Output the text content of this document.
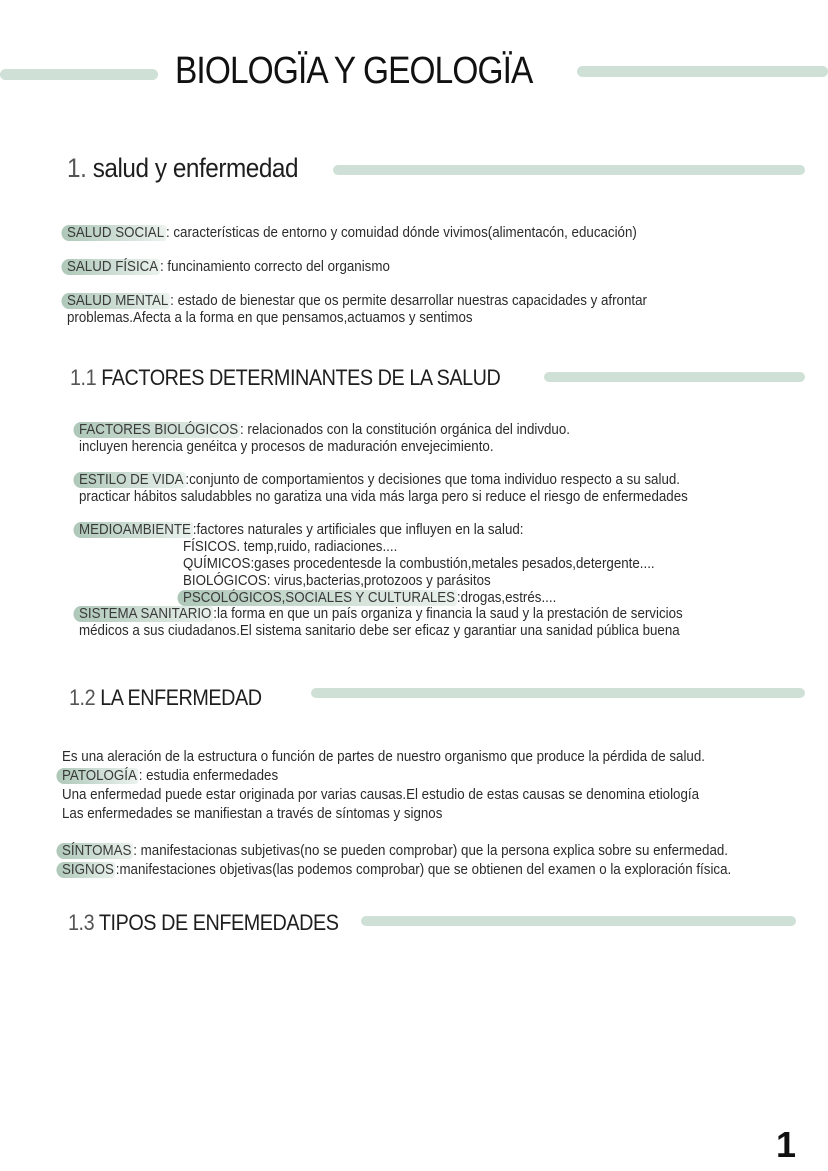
BIOLOGÏA Y GEOLOGÏA
1. salud y enfermedad
SALUD SOCIAL : características de entorno y comuidad dónde vivimos(alimentacón, educación)
SALUD FÍSICA : funcinamiento correcto del organismo
SALUD MENTAL : estado de bienestar que os permite desarrollar nuestras capacidades y afrontar
problemas.Afecta a la forma en que pensamos,actuamos y sentimos
1.1 FACTORES DETERMINANTES DE LA SALUD
FACTORES BIOLÓGICOS : relacionados con la constitución orgánica del indivduo.
incluyen herencia genéitca y procesos de maduración envejecimiento.
ESTILO DE VIDA :conjunto de comportamientos y decisiones que toma individuo respecto a su salud.
practicar hábitos saludabbles no garatiza una vida más larga pero si reduce el riesgo de enfermedades
MEDIOAMBIENTE :factores naturales y artificiales que influyen en la salud:
FÍSICOS. temp,ruido, radiaciones....
QUÍMICOS:gases procedentesde la combustión,metales pesados,detergente....
BIOLÓGICOS: virus,bacterias,protozoos y parásitos
PSCOLÓGICOS,SOCIALES Y CULTURALES :drogas,estrés....
SISTEMA SANITARIO :la forma en que un país organiza y financia la saud y la prestación de servicios
médicos a sus ciudadanos.El sistema sanitario debe ser eficaz y garantiar una sanidad pública buena
1.2 LA ENFERMEDAD
Es una aleración de la estructura o función de partes de nuestro organismo que produce la pérdida de salud.
PATOLOGÍA : estudia enfermedades
Una enfermedad puede estar originada por varias causas.El estudio de estas causas se denomina etiología
Las enfermedades se manifiestan a través de síntomas y signos
SÍNTOMAS : manifestacionas subjetivas(no se pueden comprobar) que la persona explica sobre su enfermedad.
SIGNOS :manifestaciones objetivas(las podemos comprobar) que se obtienen del examen o la exploración física.
1.3 TIPOS DE ENFEMEDADES
1
